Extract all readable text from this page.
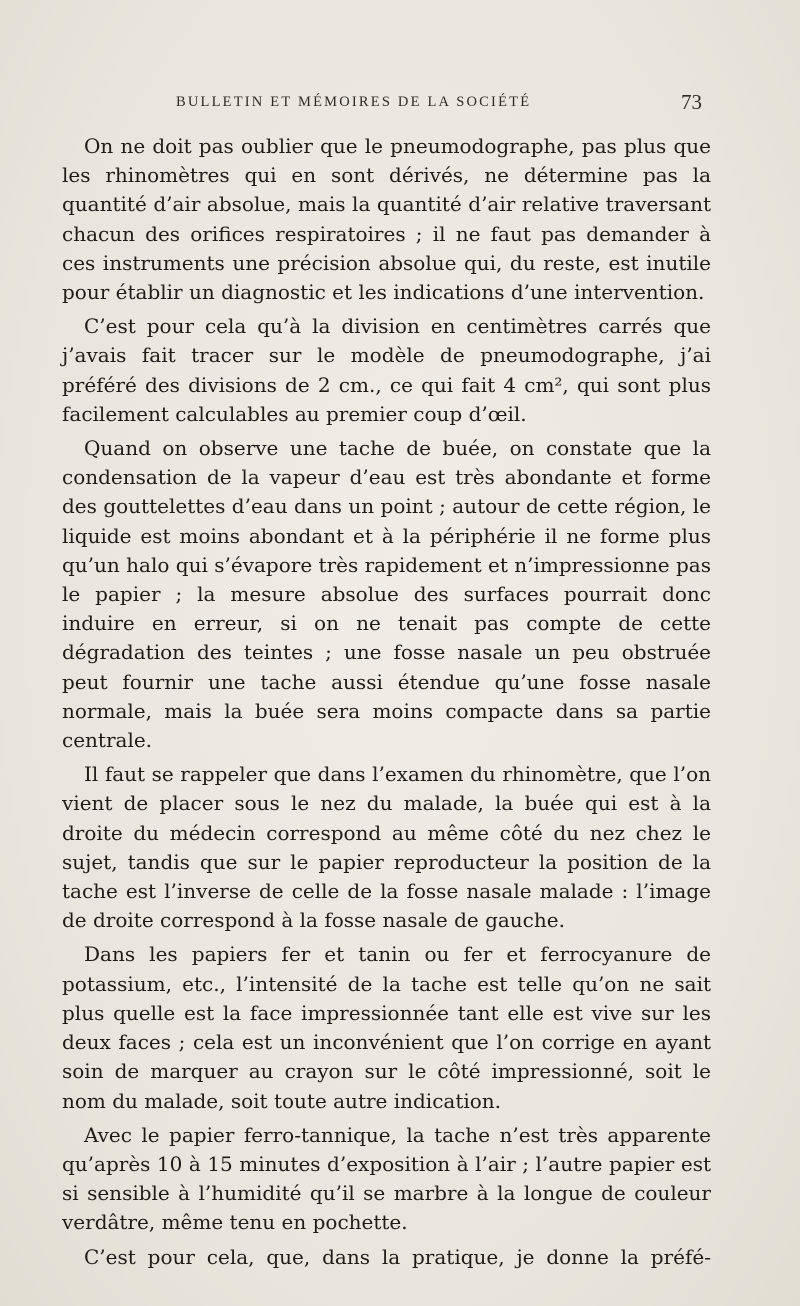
BULLETIN ET MÉMOIRES DE LA SOCIÉTÉ	73

On ne doit pas oublier que le pneumodographe, pas plus que les rhinomètres qui en sont dérivés, ne détermine pas la quantité d’air absolue, mais la quantité d’air relative traversant chacun des orifices respiratoires ; il ne faut pas demander à ces instruments une précision absolue qui, du reste, est inutile pour établir un diagnostic et les indications d’une intervention.

C’est pour cela qu’à la division en centimètres carrés que j’avais fait tracer sur le modèle de pneumodographe, j’ai préféré des divisions de 2 cm., ce qui fait 4 cm², qui sont plus facilement calculables au premier coup d’œil.

Quand on observe une tache de buée, on constate que la condensation de la vapeur d’eau est très abondante et forme des gouttelettes d’eau dans un point ; autour de cette région, le liquide est moins abondant et à la périphérie il ne forme plus qu’un halo qui s’évapore très rapidement et n’impressionne pas le papier ; la mesure absolue des surfaces pourrait donc induire en erreur, si on ne tenait pas compte de cette dégradation des teintes ; une fosse nasale un peu obstruée peut fournir une tache aussi étendue qu’une fosse nasale normale, mais la buée sera moins compacte dans sa partie centrale.

Il faut se rappeler que dans l’examen du rhinomètre, que l’on vient de placer sous le nez du malade, la buée qui est à la droite du médecin correspond au même côté du nez chez le sujet, tandis que sur le papier reproducteur la position de la tache est l’inverse de celle de la fosse nasale malade : l’image de droite correspond à la fosse nasale de gauche.

Dans les papiers fer et tanin ou fer et ferrocyanure de potassium, etc., l’intensité de la tache est telle qu’on ne sait plus quelle est la face impressionnée tant elle est vive sur les deux faces ; cela est un inconvénient que l’on corrige en ayant soin de marquer au crayon sur le côté impressionné, soit le nom du malade, soit toute autre indication.

Avec le papier ferro-tannique, la tache n’est très apparente qu’après 10 à 15 minutes d’exposition à l’air ; l’autre papier est si sensible à l’humidité qu’il se marbre à la longue de couleur verdâtre, même tenu en pochette.

C’est pour cela, que, dans la pratique, je donne la préfé-
